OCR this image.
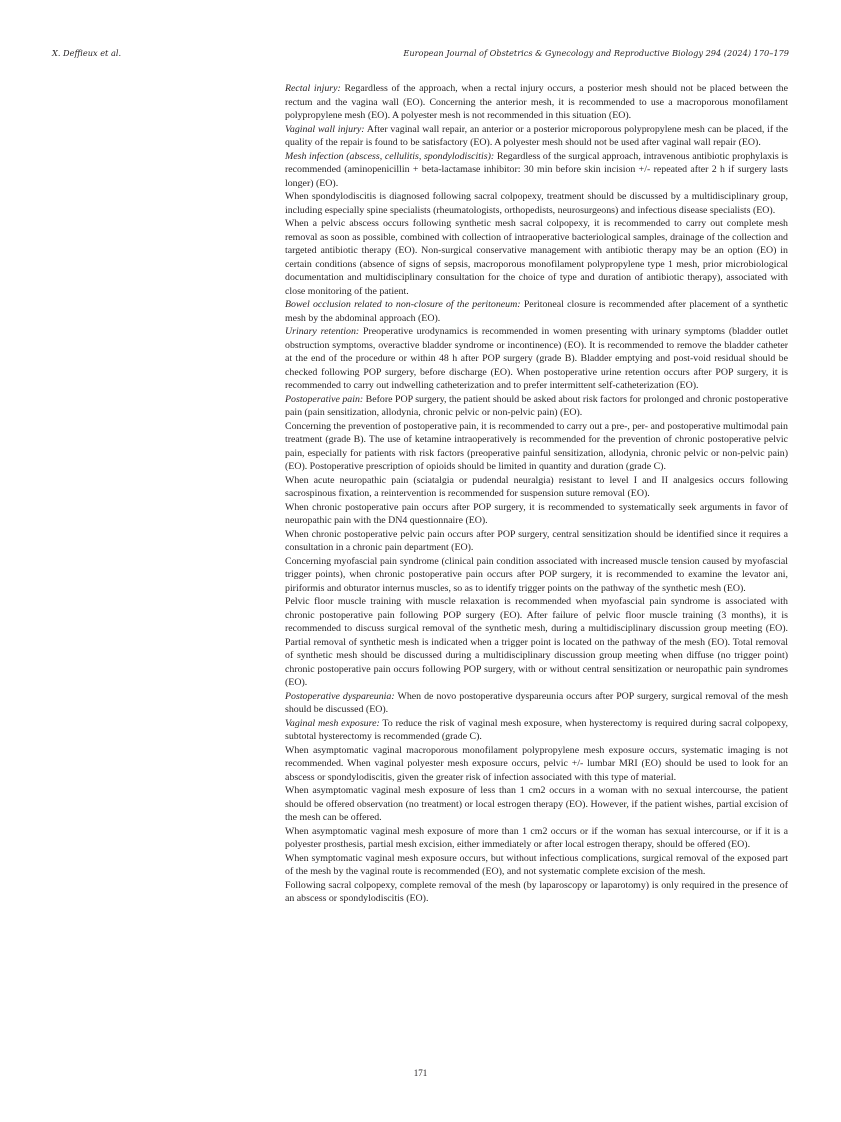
X. Deffieux et al.	European Journal of Obstetrics & Gynecology and Reproductive Biology 294 (2024) 170–179

Rectal injury: Regardless of the approach, when a rectal injury occurs, a posterior mesh should not be placed between the rectum and the vagina wall (EO). Concerning the anterior mesh, it is recommended to use a macroporous monofilament polypropylene mesh (EO). A polyester mesh is not recommended in this situation (EO).

Vaginal wall injury: After vaginal wall repair, an anterior or a posterior microporous polypropylene mesh can be placed, if the quality of the repair is found to be satisfactory (EO). A polyester mesh should not be used after vaginal wall repair (EO).

Mesh infection (abscess, cellulitis, spondylodiscitis): Regardless of the surgical approach, intravenous antibiotic prophylaxis is recommended (aminopenicillin + beta-lactamase inhibitor: 30 min before skin incision +/- repeated after 2 h if surgery lasts longer) (EO).

When spondylodiscitis is diagnosed following sacral colpopexy, treatment should be discussed by a multidisciplinary group, including especially spine specialists (rheumatologists, orthopedists, neurosurgeons) and infectious disease specialists (EO).

When a pelvic abscess occurs following synthetic mesh sacral colpopexy, it is recommended to carry out complete mesh removal as soon as possible, combined with collection of intraoperative bacteriological samples, drainage of the collection and targeted antibiotic therapy (EO). Non-surgical conservative management with antibiotic therapy may be an option (EO) in certain conditions (absence of signs of sepsis, macroporous monofilament polypropylene type 1 mesh, prior microbiological documentation and multidisciplinary consultation for the choice of type and duration of antibiotic therapy), associated with close monitoring of the patient.

Bowel occlusion related to non-closure of the peritoneum: Peritoneal closure is recommended after placement of a synthetic mesh by the abdominal approach (EO).

Urinary retention: Preoperative urodynamics is recommended in women presenting with urinary symptoms (bladder outlet obstruction symptoms, overactive bladder syndrome or incontinence) (EO). It is recommended to remove the bladder catheter at the end of the procedure or within 48 h after POP surgery (grade B). Bladder emptying and post-void residual should be checked following POP surgery, before discharge (EO). When postoperative urine retention occurs after POP surgery, it is recommended to carry out indwelling catheterization and to prefer intermittent self-catheterization (EO).

Postoperative pain: Before POP surgery, the patient should be asked about risk factors for prolonged and chronic postoperative pain (pain sensitization, allodynia, chronic pelvic or non-pelvic pain) (EO).

Concerning the prevention of postoperative pain, it is recommended to carry out a pre-, per- and postoperative multimodal pain treatment (grade B). The use of ketamine intraoperatively is recommended for the prevention of chronic postoperative pelvic pain, especially for patients with risk factors (preoperative painful sensitization, allodynia, chronic pelvic or non-pelvic pain) (EO). Postoperative prescription of opioids should be limited in quantity and duration (grade C).

When acute neuropathic pain (sciatalgia or pudendal neuralgia) resistant to level I and II analgesics occurs following sacrospinous fixation, a reintervention is recommended for suspension suture removal (EO).

When chronic postoperative pain occurs after POP surgery, it is recommended to systematically seek arguments in favor of neuropathic pain with the DN4 questionnaire (EO).

When chronic postoperative pelvic pain occurs after POP surgery, central sensitization should be identified since it requires a consultation in a chronic pain department (EO).

Concerning myofascial pain syndrome (clinical pain condition associated with increased muscle tension caused by myofascial trigger points), when chronic postoperative pain occurs after POP surgery, it is recommended to examine the levator ani, piriformis and obturator internus muscles, so as to identify trigger points on the pathway of the synthetic mesh (EO).

Pelvic floor muscle training with muscle relaxation is recommended when myofascial pain syndrome is associated with chronic postoperative pain following POP surgery (EO). After failure of pelvic floor muscle training (3 months), it is recommended to discuss surgical removal of the synthetic mesh, during a multidisciplinary discussion group meeting (EO). Partial removal of synthetic mesh is indicated when a trigger point is located on the pathway of the mesh (EO). Total removal of synthetic mesh should be discussed during a multidisciplinary discussion group meeting when diffuse (no trigger point) chronic postoperative pain occurs following POP surgery, with or without central sensitization or neuropathic pain syndromes (EO).

Postoperative dyspareunia: When de novo postoperative dyspareunia occurs after POP surgery, surgical removal of the mesh should be discussed (EO).

Vaginal mesh exposure: To reduce the risk of vaginal mesh exposure, when hysterectomy is required during sacral colpopexy, subtotal hysterectomy is recommended (grade C).

When asymptomatic vaginal macroporous monofilament polypropylene mesh exposure occurs, systematic imaging is not recommended. When vaginal polyester mesh exposure occurs, pelvic +/- lumbar MRI (EO) should be used to look for an abscess or spondylodiscitis, given the greater risk of infection associated with this type of material.

When asymptomatic vaginal mesh exposure of less than 1 cm2 occurs in a woman with no sexual intercourse, the patient should be offered observation (no treatment) or local estrogen therapy (EO). However, if the patient wishes, partial excision of the mesh can be offered.

When asymptomatic vaginal mesh exposure of more than 1 cm2 occurs or if the woman has sexual intercourse, or if it is a polyester prosthesis, partial mesh excision, either immediately or after local estrogen therapy, should be offered (EO).

When symptomatic vaginal mesh exposure occurs, but without infectious complications, surgical removal of the exposed part of the mesh by the vaginal route is recommended (EO), and not systematic complete excision of the mesh.

Following sacral colpopexy, complete removal of the mesh (by laparoscopy or laparotomy) is only required in the presence of an abscess or spondylodiscitis (EO).

171
